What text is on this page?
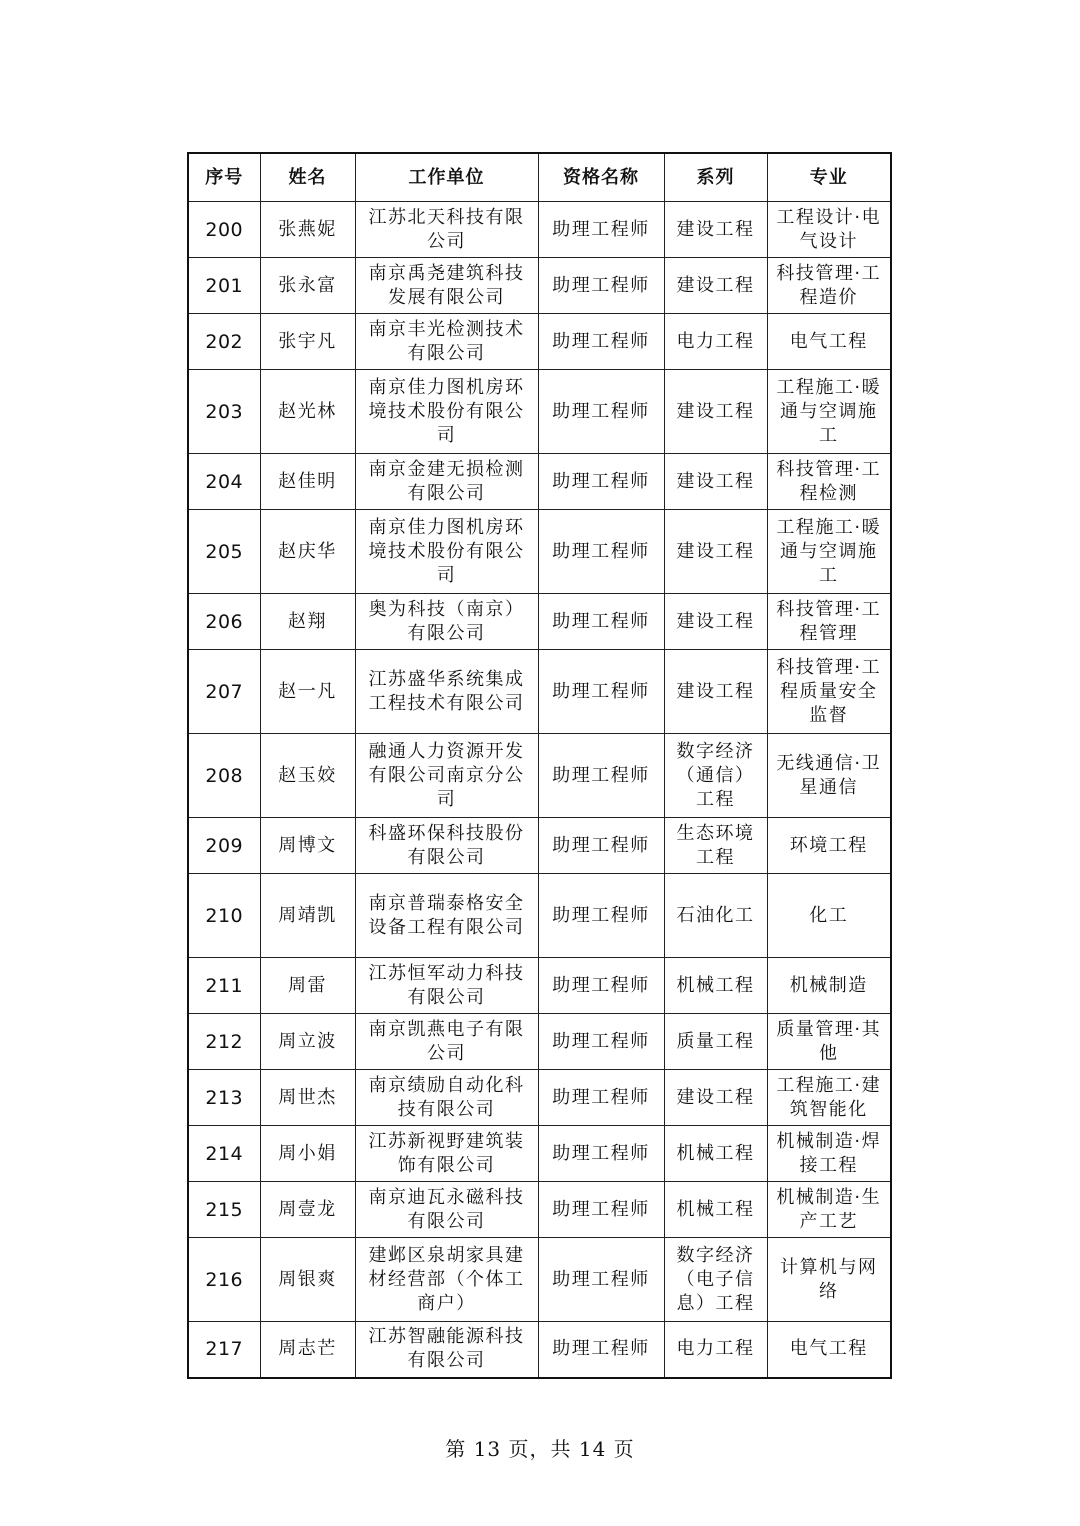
序号	姓名	工作单位	资格名称	系列	专业
200	张燕妮	江苏北天科技有限公司	助理工程师	建设工程	工程设计·电气设计
201	张永富	南京禹尧建筑科技发展有限公司	助理工程师	建设工程	科技管理·工程造价
202	张宇凡	南京丰光检测技术有限公司	助理工程师	电力工程	电气工程
203	赵光林	南京佳力图机房环境技术股份有限公司	助理工程师	建设工程	工程施工·暖通与空调施工
204	赵佳明	南京金建无损检测有限公司	助理工程师	建设工程	科技管理·工程检测
205	赵庆华	南京佳力图机房环境技术股份有限公司	助理工程师	建设工程	工程施工·暖通与空调施工
206	赵翔	奥为科技（南京）有限公司	助理工程师	建设工程	科技管理·工程管理
207	赵一凡	江苏盛华系统集成工程技术有限公司	助理工程师	建设工程	科技管理·工程质量安全监督
208	赵玉姣	融通人力资源开发有限公司南京分公司	助理工程师	数字经济（通信）工程	无线通信·卫星通信
209	周博文	科盛环保科技股份有限公司	助理工程师	生态环境工程	环境工程
210	周靖凯	南京普瑞泰格安全设备工程有限公司	助理工程师	石油化工	化工
211	周雷	江苏恒军动力科技有限公司	助理工程师	机械工程	机械制造
212	周立波	南京凯燕电子有限公司	助理工程师	质量工程	质量管理·其他
213	周世杰	南京绩励自动化科技有限公司	助理工程师	建设工程	工程施工·建筑智能化
214	周小娟	江苏新视野建筑装饰有限公司	助理工程师	机械工程	机械制造·焊接工程
215	周壹龙	南京迪瓦永磁科技有限公司	助理工程师	机械工程	机械制造·生产工艺
216	周银爽	建邺区泉胡家具建材经营部（个体工商户）	助理工程师	数字经济（电子信息）工程	计算机与网络
217	周志芒	江苏智融能源科技有限公司	助理工程师	电力工程	电气工程
第 13 页，共 14 页
